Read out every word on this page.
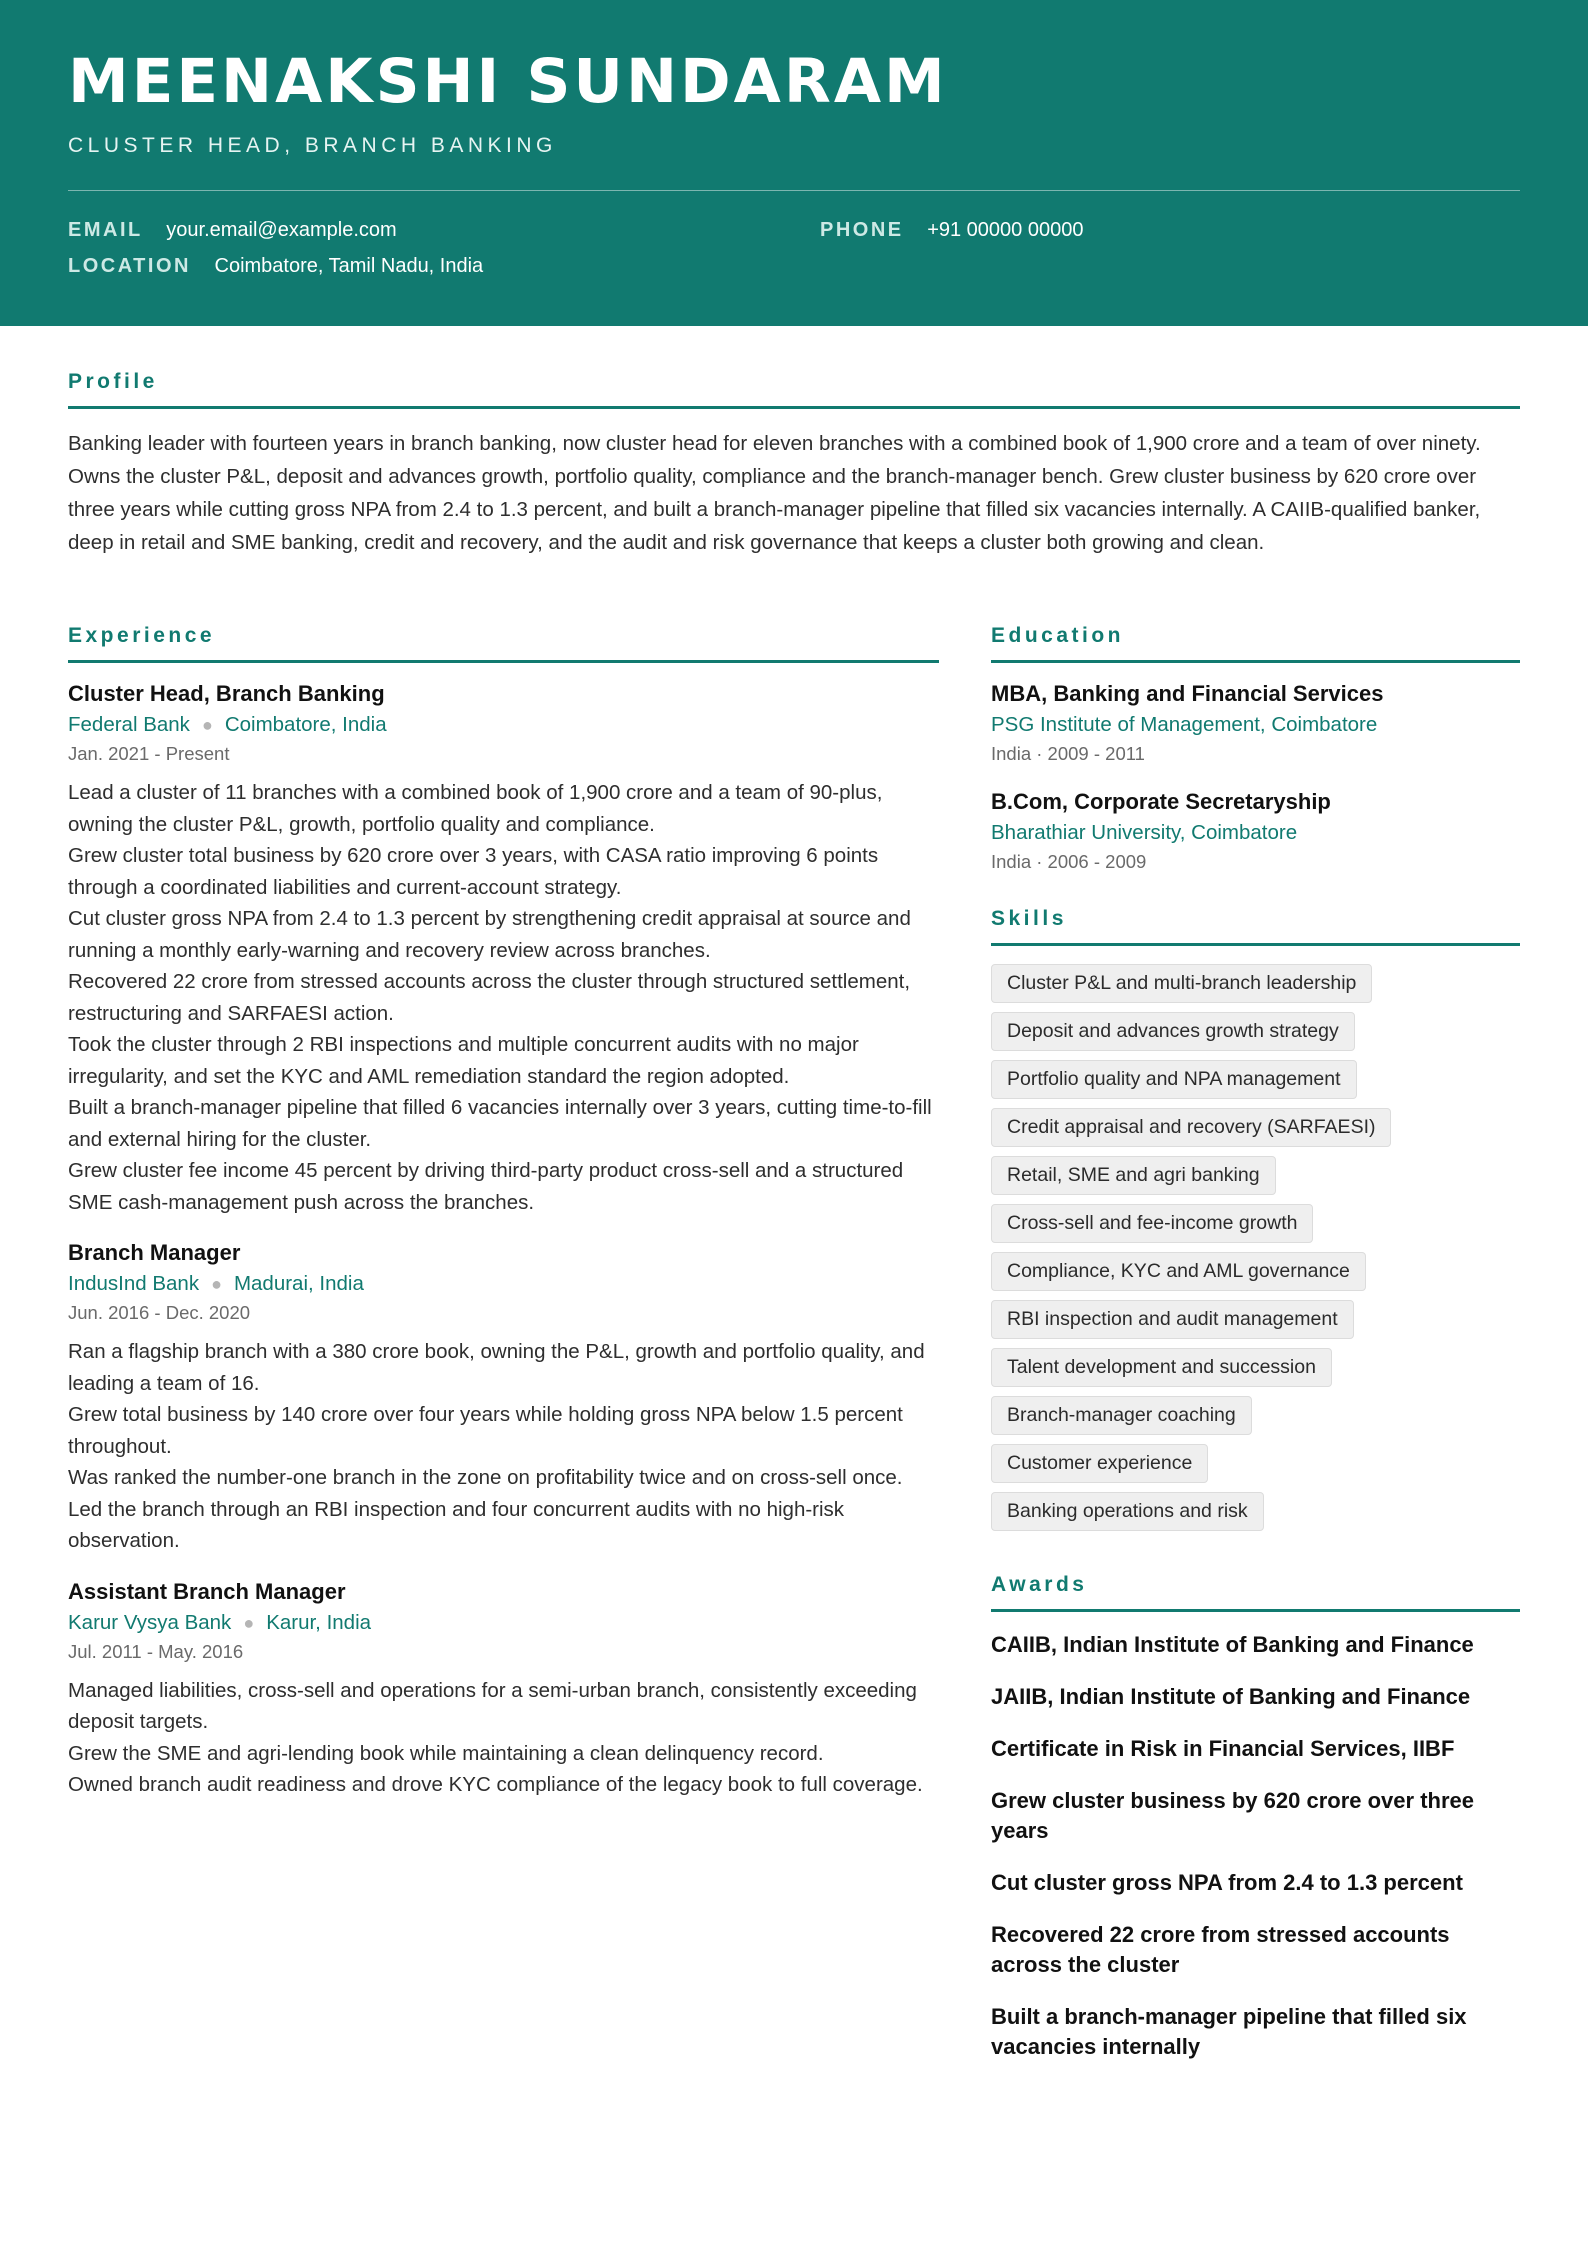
MEENAKSHI SUNDARAM
CLUSTER HEAD, BRANCH BANKING
EMAIL your.email@example.com	PHONE +91 00000 00000
LOCATION Coimbatore, Tamil Nadu, India
Profile

Banking leader with fourteen years in branch banking, now cluster head for eleven branches with a combined book of 1,900 crore and a team of over ninety. Owns the cluster P&L, deposit and advances growth, portfolio quality, compliance and the branch-manager bench. Grew cluster business by 620 crore over three years while cutting gross NPA from 2.4 to 1.3 percent, and built a branch-manager pipeline that filled six vacancies internally. A CAIIB-qualified banker, deep in retail and SME banking, credit and recovery, and the audit and risk governance that keeps a cluster both growing and clean.

Experience
Cluster Head, Branch Banking
Federal Bank ● Coimbatore, India
Jan. 2021 - Present

Lead a cluster of 11 branches with a combined book of 1,900 crore and a team of 90-plus, owning the cluster P&L, growth, portfolio quality and compliance.

Grew cluster total business by 620 crore over 3 years, with CASA ratio improving 6 points through a coordinated liabilities and current-account strategy.

Cut cluster gross NPA from 2.4 to 1.3 percent by strengthening credit appraisal at source and running a monthly early-warning and recovery review across branches.

Recovered 22 crore from stressed accounts across the cluster through structured settlement, restructuring and SARFAESI action.

Took the cluster through 2 RBI inspections and multiple concurrent audits with no major irregularity, and set the KYC and AML remediation standard the region adopted.

Built a branch-manager pipeline that filled 6 vacancies internally over 3 years, cutting time-to-fill and external hiring for the cluster.

Grew cluster fee income 45 percent by driving third-party product cross-sell and a structured SME cash-management push across the branches.

Branch Manager
IndusInd Bank ● Madurai, India
Jun. 2016 - Dec. 2020

Ran a flagship branch with a 380 crore book, owning the P&L, growth and portfolio quality, and leading a team of 16.

Grew total business by 140 crore over four years while holding gross NPA below 1.5 percent throughout.

Was ranked the number-one branch in the zone on profitability twice and on cross-sell once.

Led the branch through an RBI inspection and four concurrent audits with no high-risk observation.

Assistant Branch Manager
Karur Vysya Bank ● Karur, India
Jul. 2011 - May. 2016

Managed liabilities, cross-sell and operations for a semi-urban branch, consistently exceeding deposit targets.

Grew the SME and agri-lending book while maintaining a clean delinquency record.

Owned branch audit readiness and drove KYC compliance of the legacy book to full coverage.

Education
MBA, Banking and Financial Services
PSG Institute of Management, Coimbatore
India · 2009 - 2011
B.Com, Corporate Secretaryship
Bharathiar University, Coimbatore
India · 2006 - 2009
Skills
Cluster P&L and multi-branch leadership
Deposit and advances growth strategy
Portfolio quality and NPA management
Credit appraisal and recovery (SARFAESI)
Retail, SME and agri banking
Cross-sell and fee-income growth
Compliance, KYC and AML governance
RBI inspection and audit management
Talent development and succession
Branch-manager coaching
Customer experience
Banking operations and risk
Awards
CAIIB, Indian Institute of Banking and Finance
JAIIB, Indian Institute of Banking and Finance
Certificate in Risk in Financial Services, IIBF
Grew cluster business by 620 crore over three years
Cut cluster gross NPA from 2.4 to 1.3 percent
Recovered 22 crore from stressed accounts across the cluster
Built a branch-manager pipeline that filled six vacancies internally
